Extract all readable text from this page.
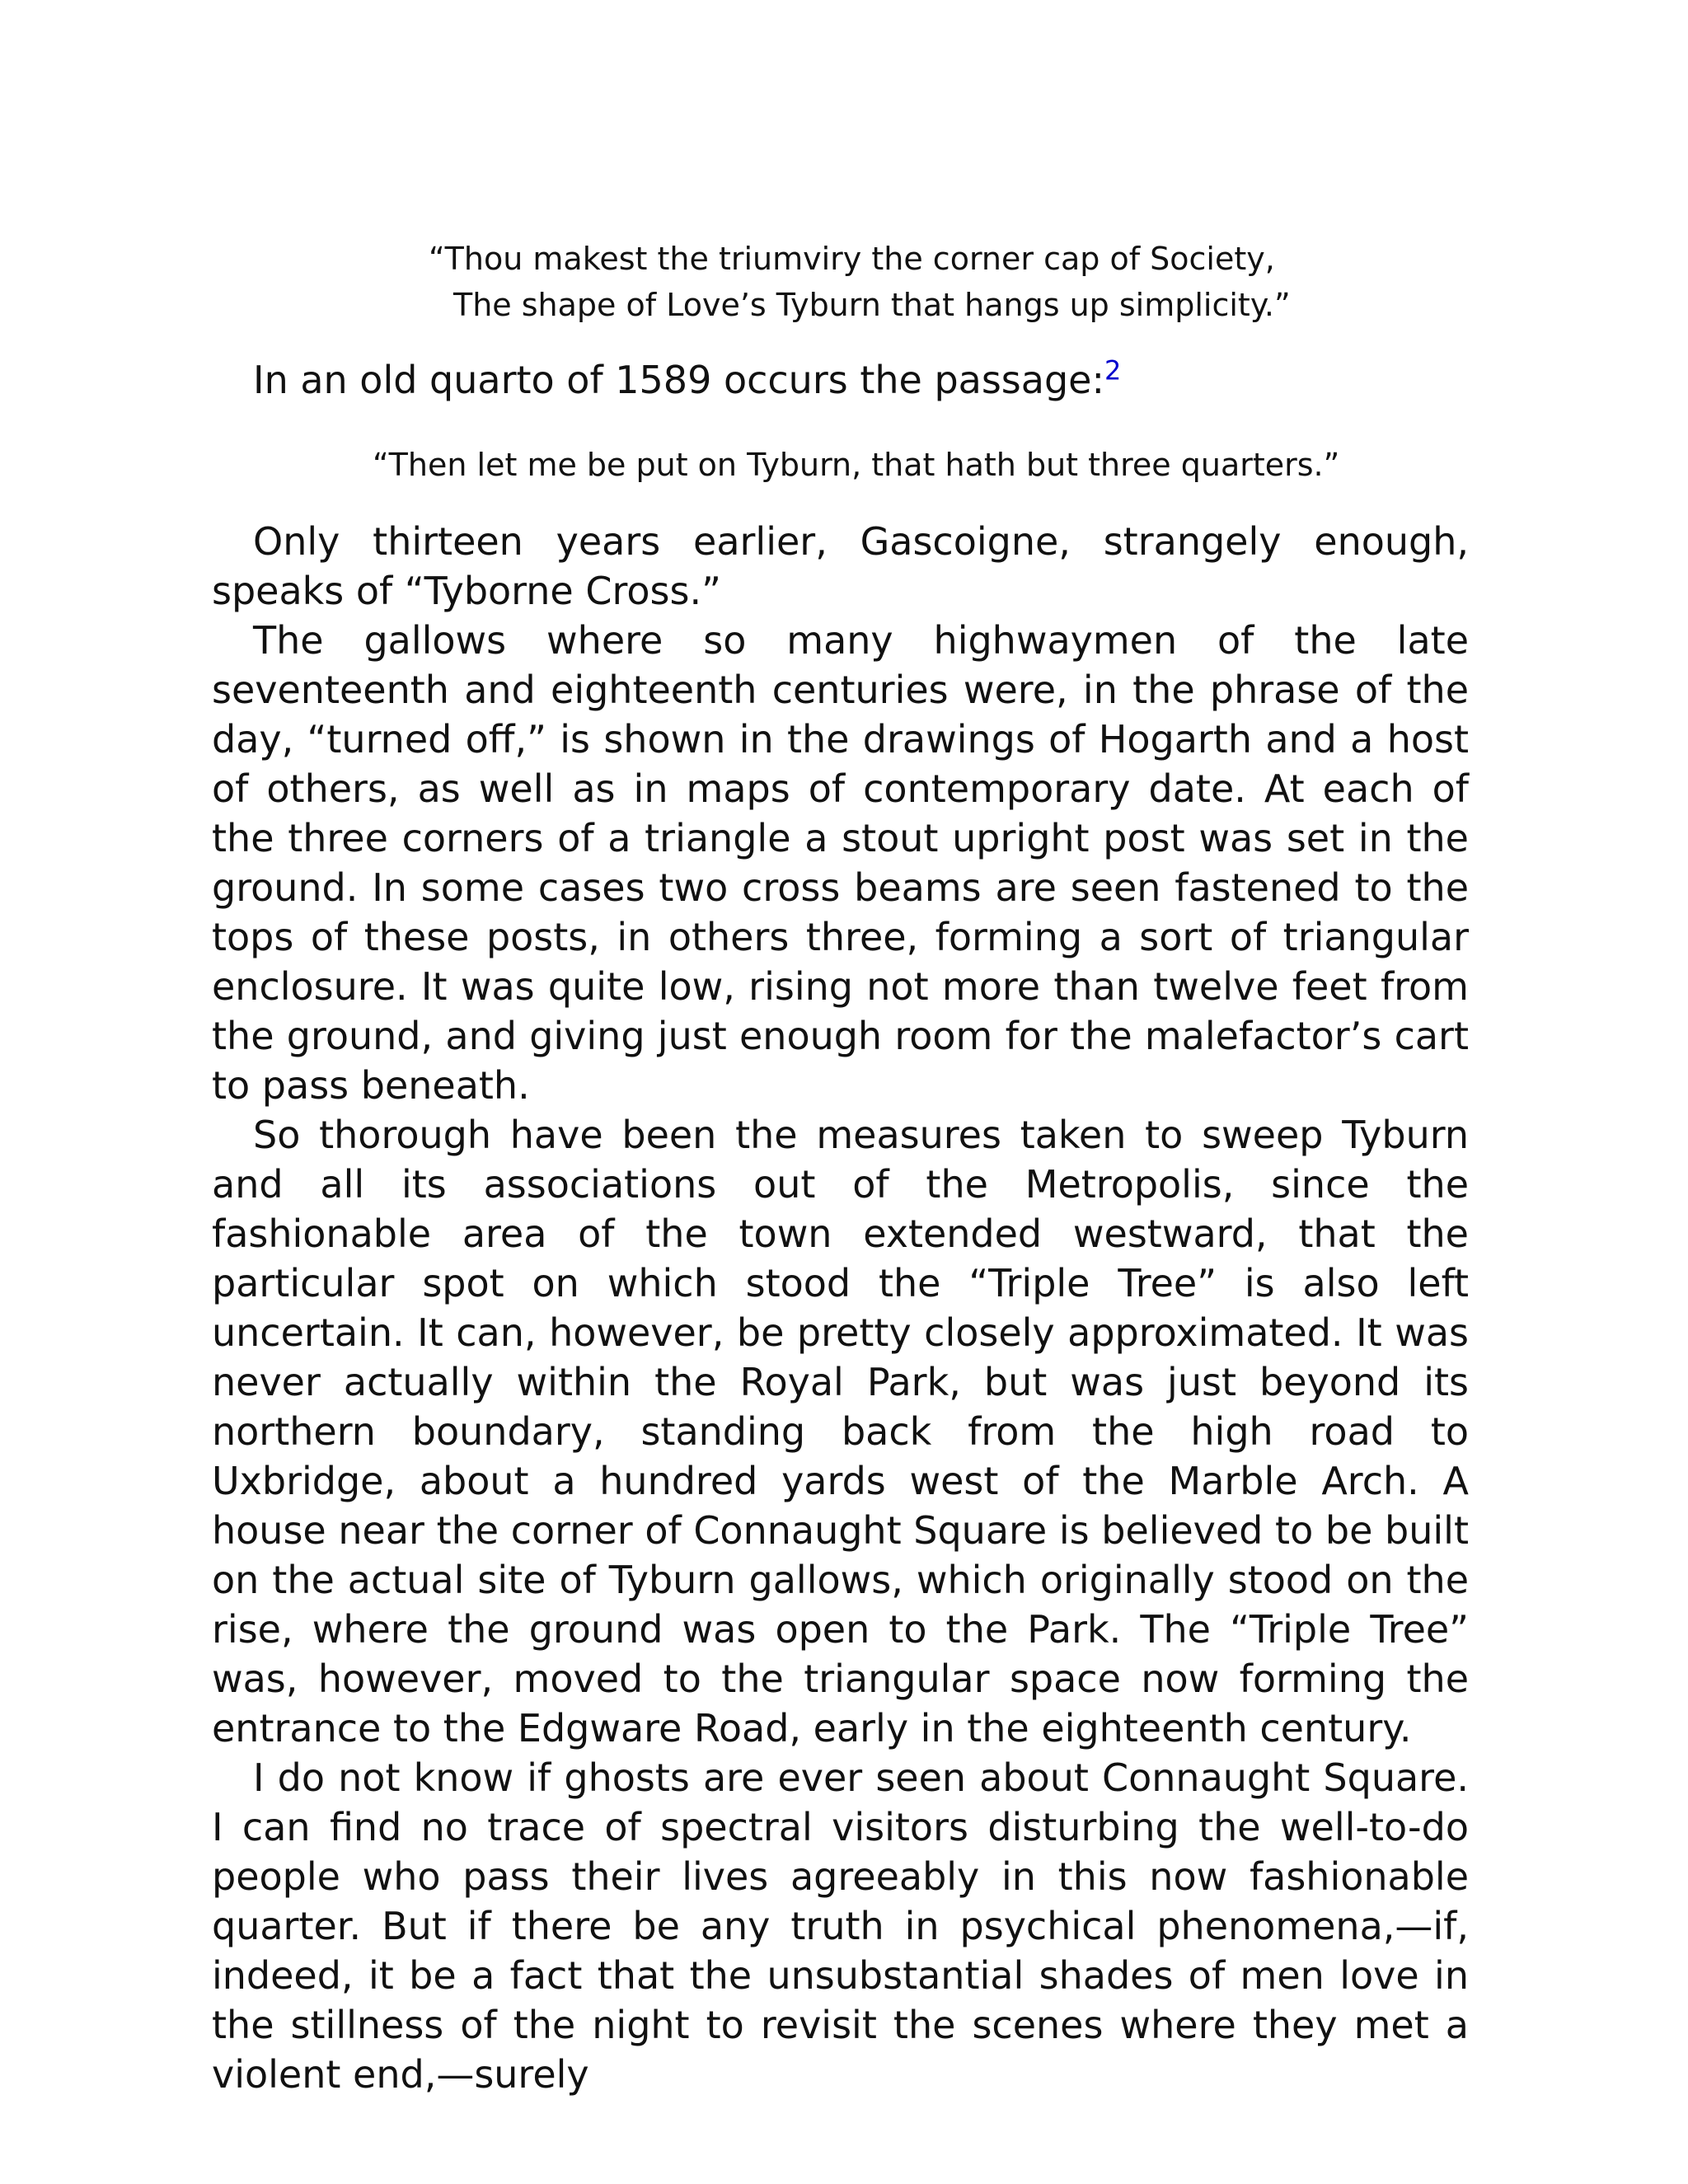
“Thou makest the triumviry the corner cap of Society,
The shape of Love’s Tyburn that hangs up simplicity.”
In an old quarto of 1589 occurs the passage:$^2$
“Then let me be put on Tyburn, that hath but three quarters.”

Only thirteen years earlier, Gascoigne, strangely enough, speaks of “Tyborne Cross.”

The gallows where so many highwaymen of the late seventeenth and eighteenth centuries were, in the phrase of the day, “turned off,” is shown in the drawings of Hogarth and a host of others, as well as in maps of contemporary date. At each of the three corners of a triangle a stout upright post was set in the ground. In some cases two cross beams are seen fastened to the tops of these posts, in others three, forming a sort of triangular enclosure. It was quite low, rising not more than twelve feet from the ground, and giving just enough room for the malefactor’s cart to pass beneath.

So thorough have been the measures taken to sweep Tyburn and all its associations out of the Metropolis, since the fashionable area of the town extended westward, that the particular spot on which stood the “Triple Tree” is also left uncertain. It can, however, be pretty closely approximated. It was never actually within the Royal Park, but was just beyond its northern boundary, standing back from the high road to Uxbridge, about a hundred yards west of the Marble Arch. A house near the corner of Connaught Square is believed to be built on the actual site of Tyburn gallows, which originally stood on the rise, where the ground was open to the Park. The “Triple Tree” was, however, moved to the triangular space now forming the entrance to the Edgware Road, early in the eighteenth century.

I do not know if ghosts are ever seen about Connaught Square. I can find no trace of spectral visitors disturbing the well-to-do people who pass their lives agreeably in this now fashionable quarter. But if there be any truth in psychical phenomena,—if, indeed, it be a fact that the unsubstantial shades of men love in the stillness of the night to revisit the scenes where they met a violent end,—surely
